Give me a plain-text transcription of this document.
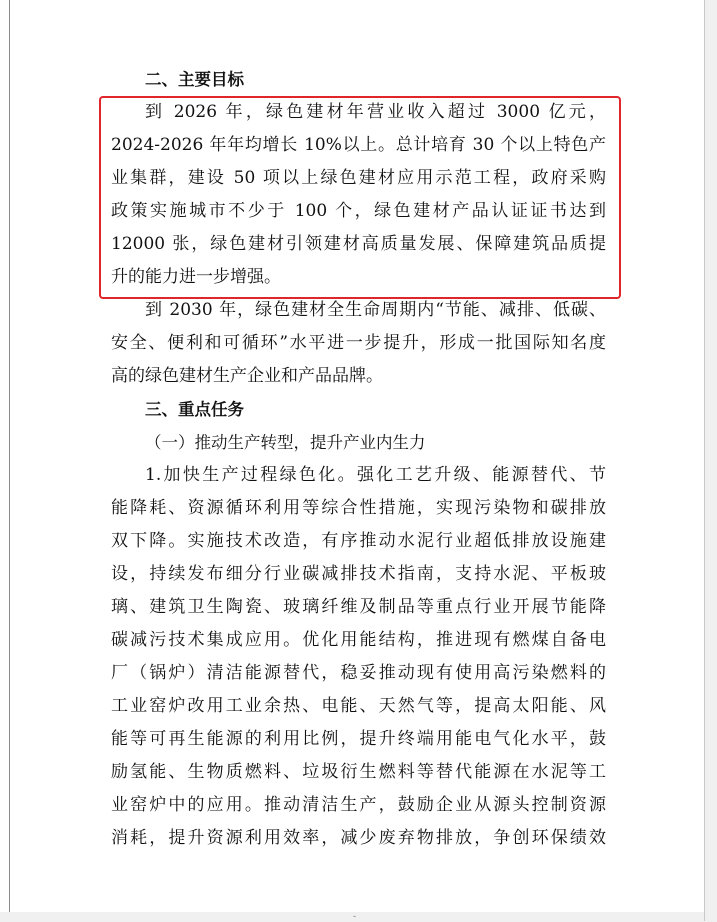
二、主要目标
到 2026 年，绿色建材年营业收入超过 3000 亿元，
2024-2026 年年均增长 10%以上。总计培育 30 个以上特色产
业集群，建设 50 项以上绿色建材应用示范工程，政府采购
政策实施城市不少于 100 个，绿色建材产品认证证书达到
12000 张，绿色建材引领建材高质量发展、保障建筑品质提
升的能力进一步增强。
到 2030 年，绿色建材全生命周期内“节能、减排、低碳、
安全、便利和可循环”水平进一步提升，形成一批国际知名度
高的绿色建材生产企业和产品品牌。
三、重点任务
（一）推动生产转型，提升产业内生力
1.加快生产过程绿色化。强化工艺升级、能源替代、节
能降耗、资源循环利用等综合性措施，实现污染物和碳排放
双下降。实施技术改造，有序推动水泥行业超低排放设施建
设，持续发布细分行业碳减排技术指南，支持水泥、平板玻
璃、建筑卫生陶瓷、玻璃纤维及制品等重点行业开展节能降
碳减污技术集成应用。优化用能结构，推进现有燃煤自备电
厂（锅炉）清洁能源替代，稳妥推动现有使用高污染燃料的
工业窑炉改用工业余热、电能、天然气等，提高太阳能、风
能等可再生能源的利用比例，提升终端用能电气化水平，鼓
励氢能、生物质燃料、垃圾衍生燃料等替代能源在水泥等工
业窑炉中的应用。推动清洁生产，鼓励企业从源头控制资源
消耗，提升资源利用效率，减少废弃物排放，争创环保绩效
-
